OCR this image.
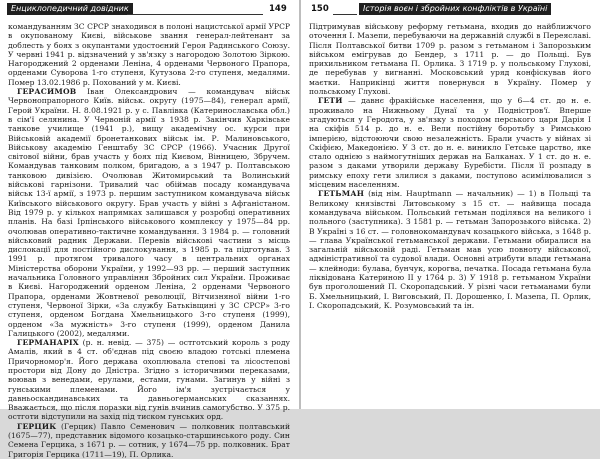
Енциклопедичний довідник	149

командуванням ЗС СРСР знаходився в полоні нацистської армії УРСР в окупованому Києві, військове звання генерал-лейтенант за доблесть у боях з окупантами удостоєний Героя Радянського Союзу. У червні 1941 р. відзначений у зв'язку з нагородою Золотою Зіркою. Нагороджений 2 орденами Леніна, 4 орденами Червоного Прапора, орденами Суворова 1-го ступеня, Кутузова 2-го ступеня, медалями. Помер 13.02.1986 р. Похований у м. Києві.

ГЕРАСИМОВ Іван Олександрович — командувач військ Червонопрапорного Київ. військ. округу (1975—84), генерал армії, Герой України. Н. 8.08.1921 р. у с. Павлівка (Катеринославська обл.) в сім'ї селянина. У Червоній армії з 1938 р. Закінчив Харківське танкове училище (1941 р.), вищу академічну ос. курси при Військовій академії бронетанкових військ ім. Р. Малиновського, Військову академію Генштабу ЗС СРСР (1966). Учасник Другої світової війни, брав участь у боях під Києвом, Вінницею, Збручем. Командував танковим полком, бригадою, а з 1947 р. Полтавською танковою дивізією. Очолював Житомирський та Волинський військові гарнізони. Тривалий час обіймав посаду командувача військ 13-ї армії, з 1973 р. першим заступником командувача військ Київського військового округу. Брав участь у війні з Афганістаном. Від 1979 р. у кількох напрямках залишався у розробці оперативних планів. На базі Ірпінського військового комплексу у 1975—84 рр. очолював оперативно-тактичне командування. З 1984 р. — головний військовий радник Держави. Перевів військові частини з місць дислокації для постійного дислокування, з 1985 р. та підготував. З 1991 р. протягом тривалого часу в центральних органах Міністерства оборони України, у 1992—93 рр. — перший заступник начальника Головного управління Збройних сил України. Проживає в Києві. Нагороджений орденом Леніна, 2 орденами Червоного Прапора, орденами Жовтневої революції, Вітчизняної війни 1-го ступеня, Червоної Зірки, «За службу Батьківщині у ЗС СРСР» 3-го ступеня, орденом Богдана Хмельницького 3-го ступеня (1999), орденом «За мужність» 3-го ступеня (1999), орденом Данила Галицького (2002), медалями.

ГЕРМАНАРІХ (р. н. невід. — 375) — остготський король з роду Амалів, який в 4 ст. об'єднав під своєю владою готські племена Причорномор'я. Його держава охоплювала степові та лісостепові простори від Дону до Дністра. Згідно з історичними переказами, воював з венедами, ерулами, естами, гунами. Загинув у війні з гунськими племенами. Його ім'я зустрічається у давньоскандинавських та давньогерманських сказаннях. Вважається, що після поразки від гунів вчинив самогубство. У 375 р. остготи відступили на захід під тиском гунських орд.

ГЕРЦИК (Герцик) Павло Семенович — полковник полтавський (1675—77), представник відомого козацько-старшинського роду. Син Семена Герцика, з 1671 р. — сотник, у 1674—75 рр. полковник. Брат Григорія Герцика (1711—19), П. Орлика.

150	Історія воєн і збройних конфліктів в Україні

Підтримував військову реформу гетьмана, входив до найближчого оточення І. Мазепи, перебуваючи на державній службі в Переяславі. Після Полтавської битви 1709 р. разом з гетьманом і Запорозьким військом емігрував до Бендер, з 1711 р. — до Польщі. Був прихильником гетьмана П. Орлика. З 1719 р. у польському Глухові, де перебував у вигнанні. Московський уряд конфіскував його маєтки. Наприкінці життя повернувся в Україну. Помер у польському Глухові.

ГЕТИ — давнє фракійське населення, що у 6—4 ст. до н. е. проживало на Нижньому Дунаї та у Подністров'ї. Вперше згадуються у Геродота, у зв'язку з походом перського царя Дарія I на скіфів 514 р. до н. е. Вели постійну боротьбу з Римською імперією, відстоюючи свою незалежність. Брали участь у війнах зі Скіфією, Македонією. У 3 ст. до н. е. виникло Гетське царство, яке стало однією з наймогутніших держав на Балканах. У 1 ст. до н. е. разом з даками утворили державу Буребісти. Після її розпаду в римську епоху гети злилися з даками, поступово асимілювалися з місцевим населенням.

ГЕТЬМАН (від нім. Hauptmann — начальник) — 1) в Польщі та Великому князівстві Литовському з 15 ст. — найвища посада командувача військом. Польський гетьман поділявся на великого і польного (заступника). З 1581 р. — гетьман Запорозького війська. 2) В Україні з 16 ст. — головнокомандувач козацького війська, з 1648 р. — глава Української гетьманської держави. Гетьмани обиралися на загальній військовій раді. Гетьман мав усю повноту військової, адміністративної та судової влади. Основні атрибути влади гетьмана — клейноди: булава, бунчук, корогва, печатка. Посада гетьмана була ліквідована Катериною II у 1764 р. 3) У 1918 р. гетьманом України був проголошений П. Скоропадський. У різні часи гетьманами були Б. Хмельницький, І. Виговський, П. Дорошенко, І. Мазепа, П. Орлик, І. Скоропадський, К. Розумовський та ін.
